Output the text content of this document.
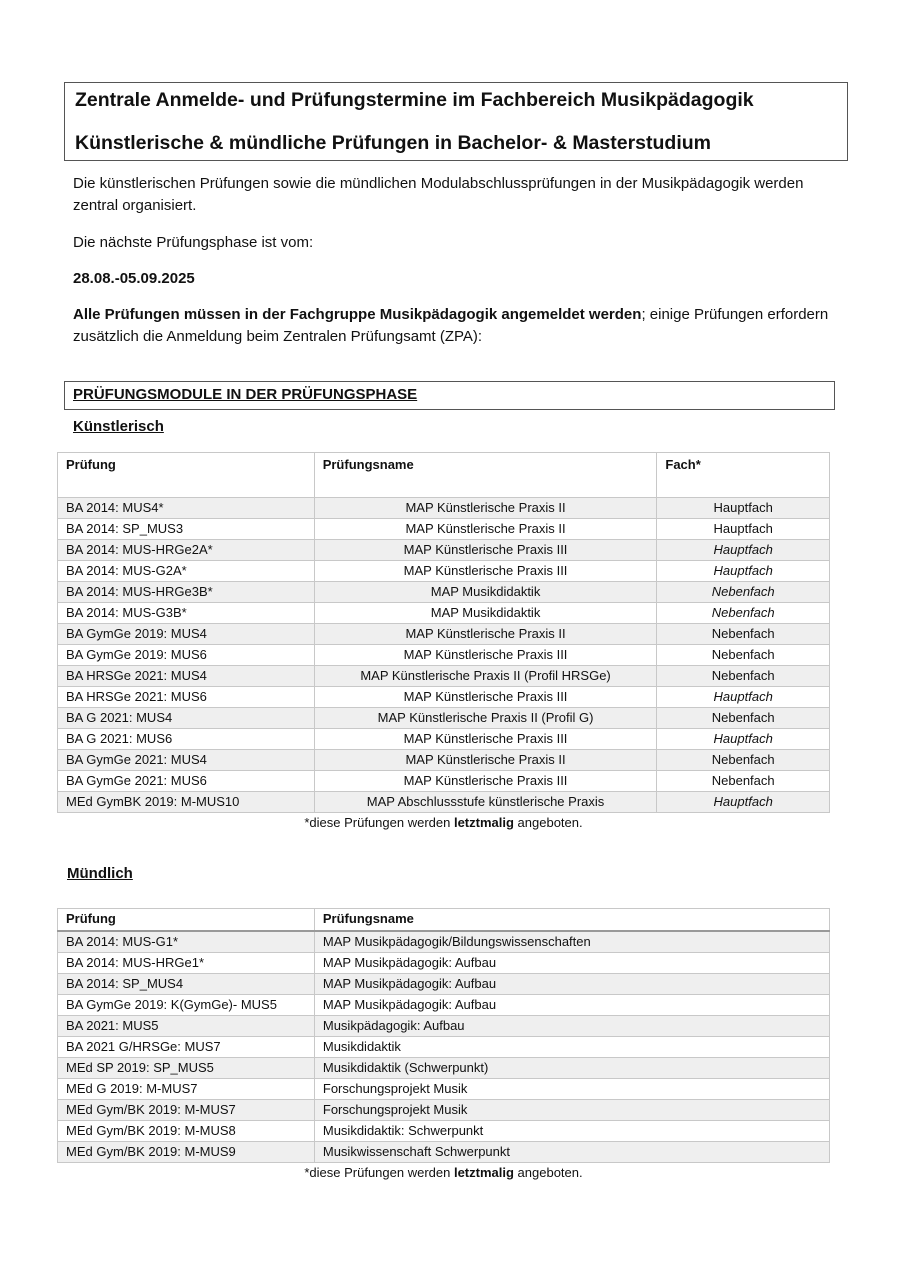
Zentrale Anmelde- und Prüfungstermine im Fachbereich Musikpädagogik

Künstlerische & mündliche Prüfungen in Bachelor- & Masterstudium

Die künstlerischen Prüfungen sowie die mündlichen Modulabschlussprüfungen in der Musikpädagogik werden zentral organisiert.

Die nächste Prüfungsphase ist vom:

28.08.-05.09.2025

Alle Prüfungen müssen in der Fachgruppe Musikpädagogik angemeldet werden; einige Prüfungen erfordern zusätzlich die Anmeldung beim Zentralen Prüfungsamt (ZPA):

PRÜFUNGSMODULE IN DER PRÜFUNGSPHASE
Künstlerisch
Prüfung	Prüfungsname	Fach*
BA 2014: MUS4*	MAP Künstlerische Praxis II	Hauptfach
BA 2014: SP_MUS3	MAP Künstlerische Praxis II	Hauptfach
BA 2014: MUS-HRGe2A*	MAP Künstlerische Praxis III	Hauptfach
BA 2014: MUS-G2A*	MAP Künstlerische Praxis III	Hauptfach
BA 2014: MUS-HRGe3B*	MAP Musikdidaktik	Nebenfach
BA 2014: MUS-G3B*	MAP Musikdidaktik	Nebenfach
BA GymGe 2019: MUS4	MAP Künstlerische Praxis II	Nebenfach
BA GymGe 2019: MUS6	MAP Künstlerische Praxis III	Nebenfach
BA HRSGe 2021: MUS4	MAP Künstlerische Praxis II (Profil HRSGe)	Nebenfach
BA HRSGe 2021: MUS6	MAP Künstlerische Praxis III	Hauptfach
BA G 2021: MUS4	MAP Künstlerische Praxis II (Profil G)	Nebenfach
BA G 2021: MUS6	MAP Künstlerische Praxis III	Hauptfach
BA GymGe 2021: MUS4	MAP Künstlerische Praxis II	Nebenfach
BA GymGe 2021: MUS6	MAP Künstlerische Praxis III	Nebenfach
MEd GymBK 2019: M-MUS10	MAP Abschlussstufe künstlerische Praxis	Hauptfach
*diese Prüfungen werden letztmalig angeboten.
Mündlich
Prüfung	Prüfungsname
BA 2014: MUS-G1*	MAP Musikpädagogik/Bildungswissenschaften
BA 2014: MUS-HRGe1*	MAP Musikpädagogik: Aufbau
BA 2014: SP_MUS4	MAP Musikpädagogik: Aufbau
BA GymGe 2019: K(GymGe)- MUS5	MAP Musikpädagogik: Aufbau
BA 2021: MUS5	Musikpädagogik: Aufbau
BA 2021 G/HRSGe: MUS7	Musikdidaktik
MEd SP 2019: SP_MUS5	Musikdidaktik (Schwerpunkt)
MEd G 2019: M-MUS7	Forschungsprojekt Musik
MEd Gym/BK 2019: M-MUS7	Forschungsprojekt Musik
MEd Gym/BK 2019: M-MUS8	Musikdidaktik: Schwerpunkt
MEd Gym/BK 2019: M-MUS9	Musikwissenschaft Schwerpunkt
*diese Prüfungen werden letztmalig angeboten.
